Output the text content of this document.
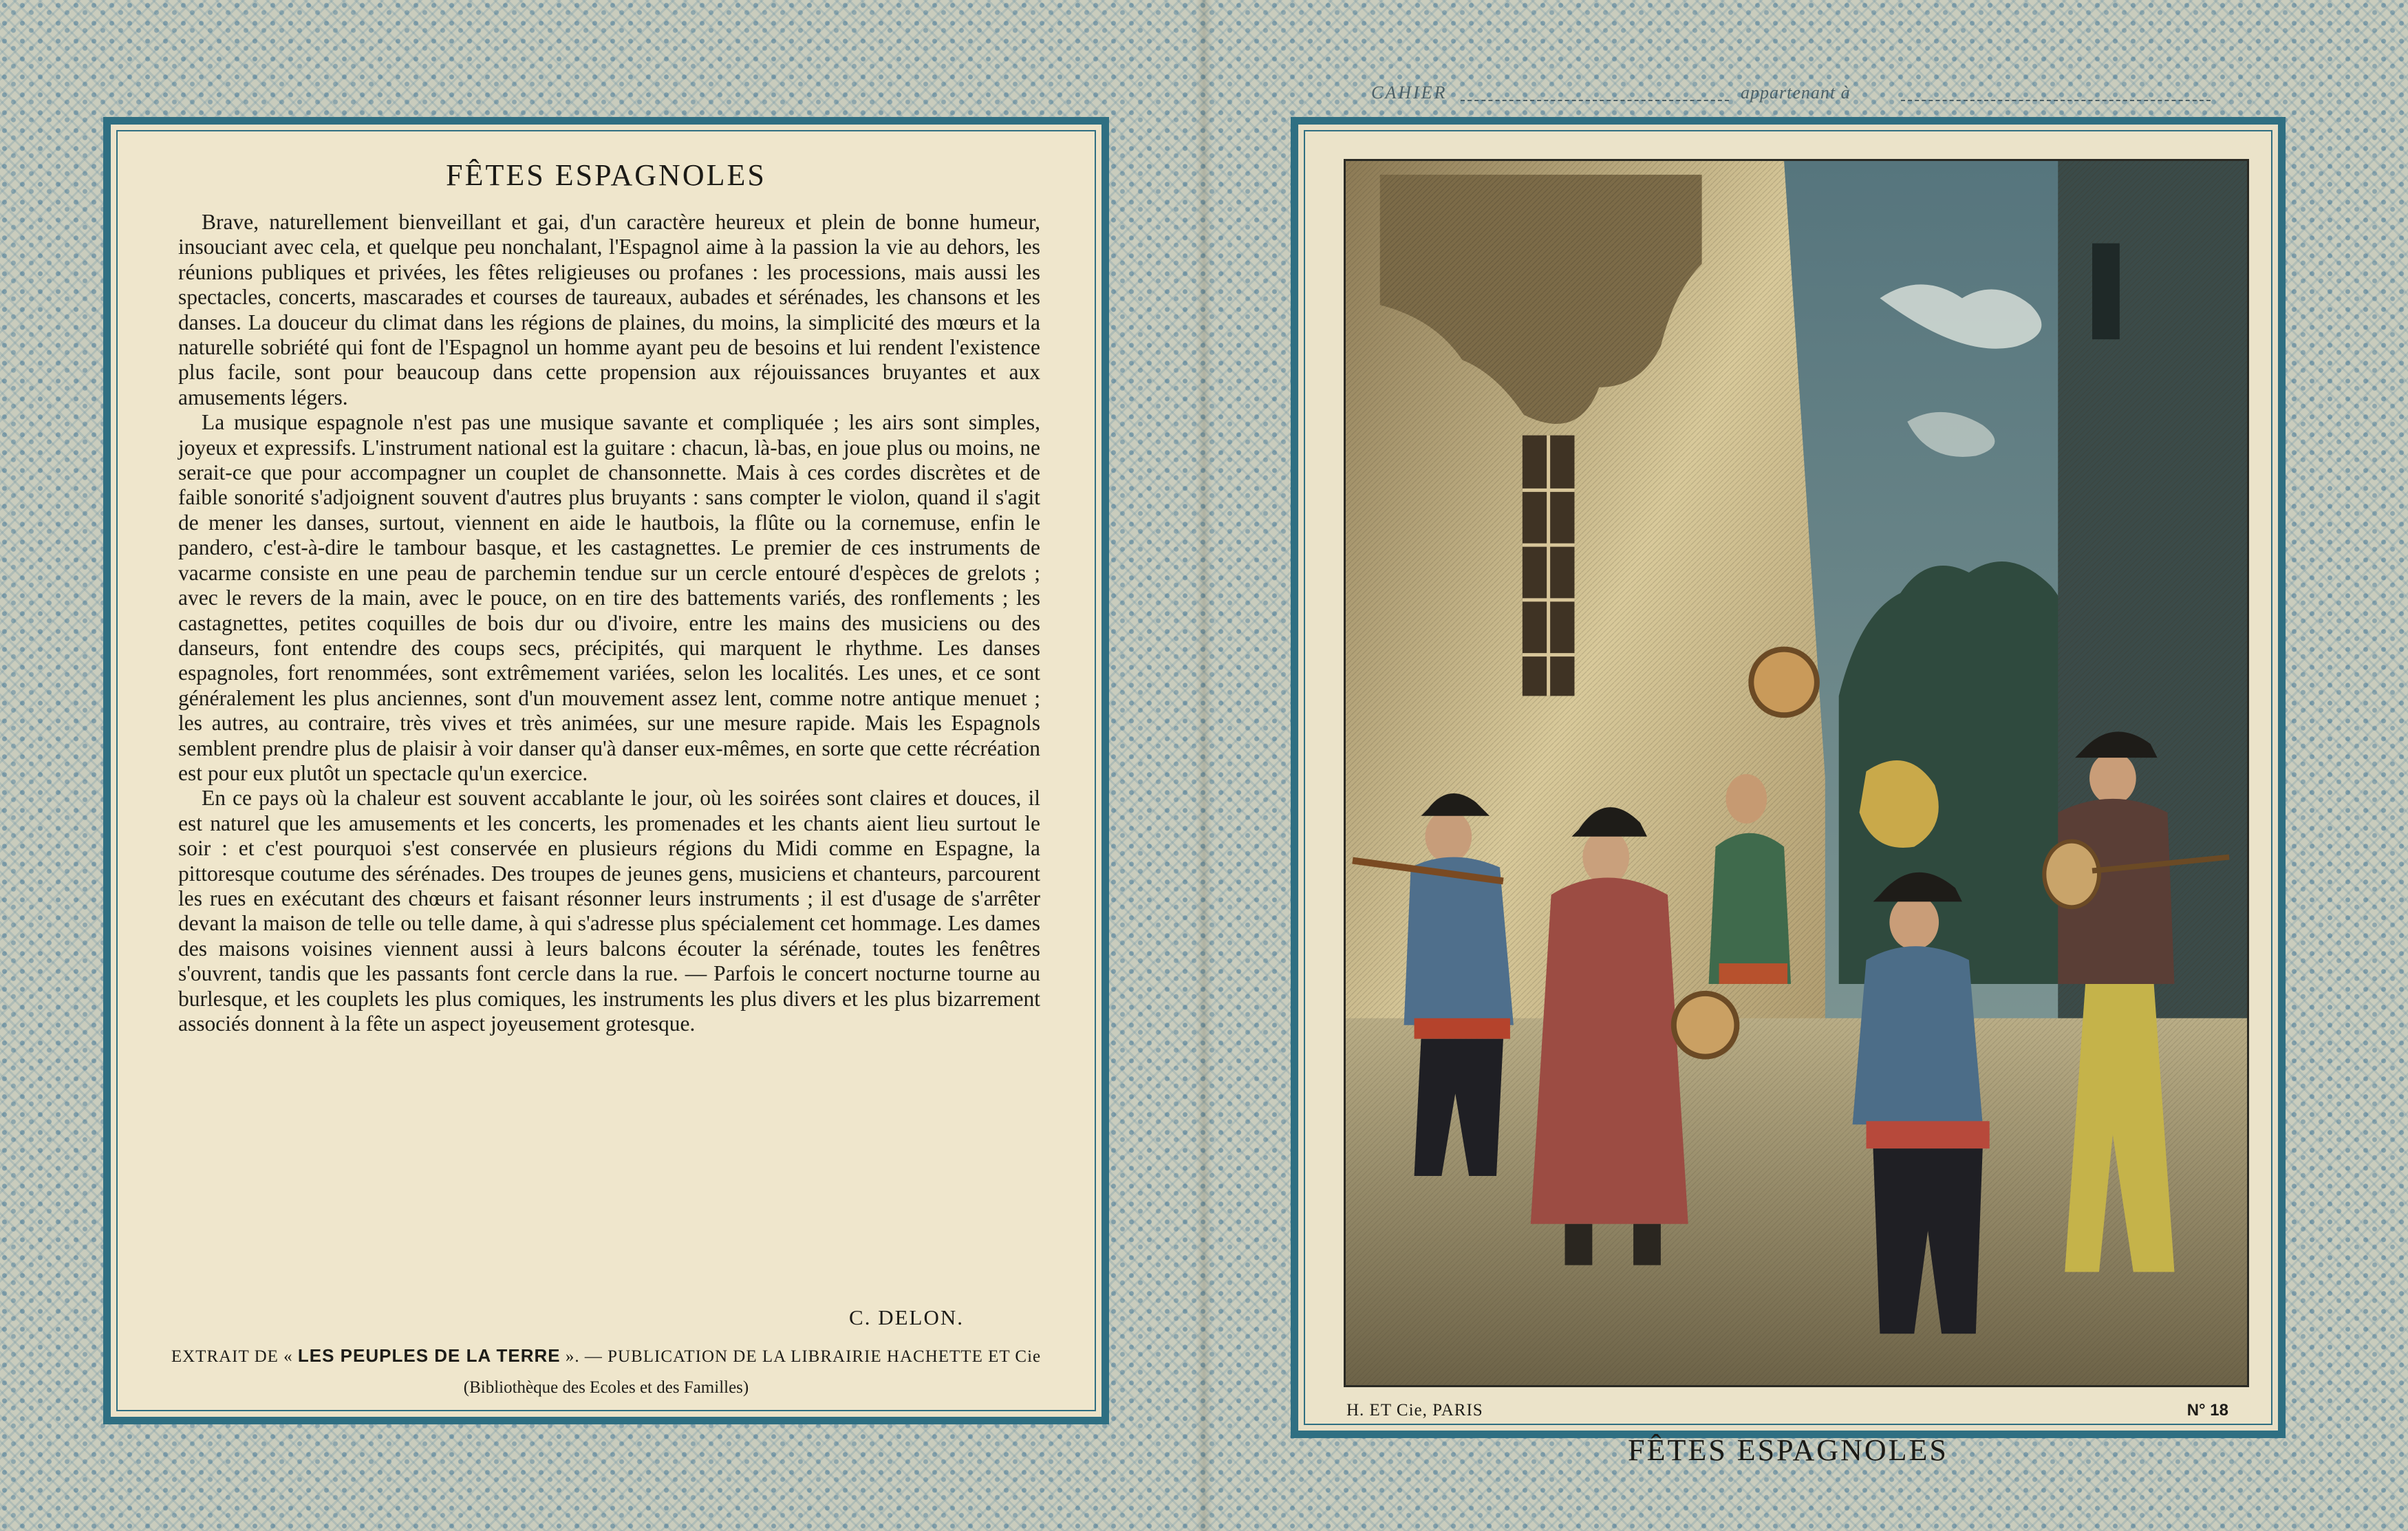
FÊTES ESPAGNOLES

Brave, naturellement bienveillant et gai, d'un caractère heureux et plein de bonne humeur, insouciant avec cela, et quelque peu nonchalant, l'Espagnol aime à la passion la vie au dehors, les réunions publiques et privées, les fêtes religieuses ou profanes : les processions, mais aussi les spectacles, concerts, mascarades et courses de taureaux, aubades et sérénades, les chansons et les danses. La douceur du climat dans les régions de plaines, du moins, la simplicité des mœurs et la naturelle sobriété qui font de l'Espagnol un homme ayant peu de besoins et lui rendent l'existence plus facile, sont pour beaucoup dans cette propension aux réjouissances bruyantes et aux amusements légers.

La musique espagnole n'est pas une musique savante et compliquée ; les airs sont simples, joyeux et expressifs. L'instrument national est la guitare : chacun, là-bas, en joue plus ou moins, ne serait-ce que pour accompagner un couplet de chansonnette. Mais à ces cordes discrètes et de faible sonorité s'adjoignent souvent d'autres plus bruyants : sans compter le violon, quand il s'agit de mener les danses, surtout, viennent en aide le hautbois, la flûte ou la cornemuse, enfin le pandero, c'est-à-dire le tambour basque, et les castagnettes. Le premier de ces instruments de vacarme consiste en une peau de parchemin tendue sur un cercle entouré d'espèces de grelots ; avec le revers de la main, avec le pouce, on en tire des battements variés, des ronflements ; les castagnettes, petites coquilles de bois dur ou d'ivoire, entre les mains des musiciens ou des danseurs, font entendre des coups secs, précipités, qui marquent le rhythme. Les danses espagnoles, fort renommées, sont extrêmement variées, selon les localités. Les unes, et ce sont généralement les plus anciennes, sont d'un mouvement assez lent, comme notre antique menuet ; les autres, au contraire, très vives et très animées, sur une mesure rapide. Mais les Espagnols semblent prendre plus de plaisir à voir danser qu'à danser eux-mêmes, en sorte que cette récréation est pour eux plutôt un spectacle qu'un exercice.

En ce pays où la chaleur est souvent accablante le jour, où les soirées sont claires et douces, il est naturel que les amusements et les concerts, les promenades et les chants aient lieu surtout le soir : et c'est pourquoi s'est conservée en plusieurs régions du Midi comme en Espagne, la pittoresque coutume des sérénades. Des troupes de jeunes gens, musiciens et chanteurs, parcourent les rues en exécutant des chœurs et faisant résonner leurs instruments ; il est d'usage de s'arrêter devant la maison de telle ou telle dame, à qui s'adresse plus spécialement cet hommage. Les dames des maisons voisines viennent aussi à leurs balcons écouter la sérénade, toutes les fenêtres s'ouvrent, tandis que les passants font cercle dans la rue. — Parfois le concert nocturne tourne au burlesque, et les couplets les plus comiques, les instruments les plus divers et les plus bizarrement associés donnent à la fête un aspect joyeusement grotesque.

C. DELON.
EXTRAIT DE « LES PEUPLES DE LA TERRE ». — PUBLICATION DE LA LIBRAIRIE HACHETTE ET Cie
(Bibliothèque des Ecoles et des Familles)
CAHIER	appartenant à
H. ET Cie, PARIS	N° 18
FÊTES ESPAGNOLES
